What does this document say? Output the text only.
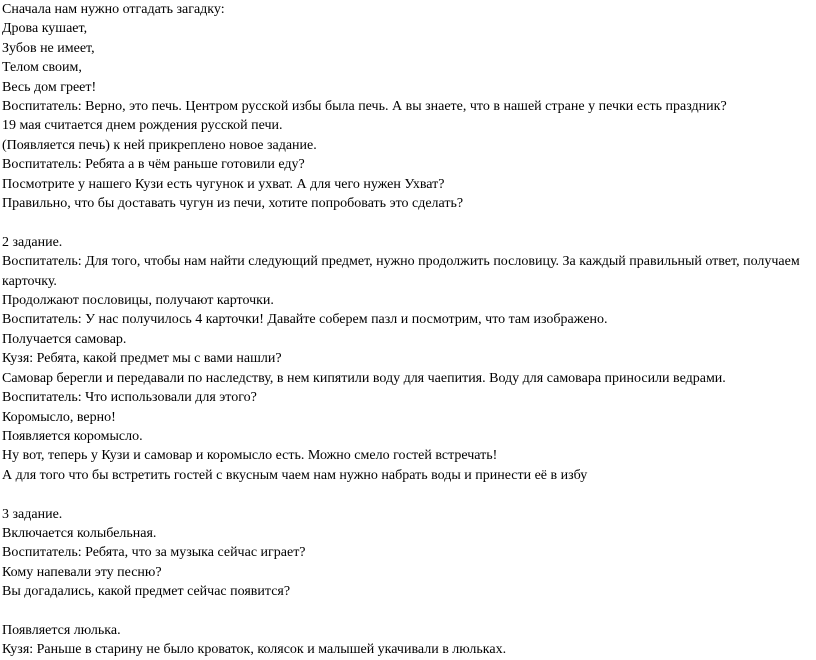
Сначала нам нужно отгадать загадку:
Дрова кушает,
Зубов не имеет,
Телом своим,
Весь дом греет!
Воспитатель: Верно, это печь. Центром русской избы была печь. А вы знаете, что в нашей стране у печки есть праздник?
19 мая считается днем рождения русской печи.
(Появляется печь) к ней прикреплено новое задание.
Воспитатель: Ребята а в чём раньше готовили еду?
Посмотрите у нашего Кузи есть чугунок и ухват. А для чего нужен Ухват?
Правильно, что бы доставать чугун из печи, хотите попробовать это сделать?
2 задание.
Воспитатель: Для того, чтобы нам найти следующий предмет, нужно продолжить пословицу. За каждый правильный ответ, получаем карточку.
Продолжают пословицы, получают карточки.
Воспитатель: У нас получилось 4 карточки! Давайте соберем пазл и посмотрим, что там изображено.
Получается самовар.
Кузя: Ребята, какой предмет мы с вами нашли?
Самовар берегли и передавали по наследству, в нем кипятили воду для чаепития. Воду для самовара приносили ведрами.
Воспитатель: Что использовали для этого?
Коромысло, верно!
Появляется коромысло.
Ну вот, теперь у Кузи и самовар и коромысло есть. Можно смело гостей встречать!
А для того что бы встретить гостей с вкусным чаем нам нужно набрать воды и принести её в избу
3 задание.
Включается колыбельная.
Воспитатель: Ребята, что за музыка сейчас играет?
Кому напевали эту песню?
Вы догадались, какой предмет сейчас появится?
Появляется люлька.
Кузя: Раньше в старину не было кроваток, колясок и малышей укачивали в люльках.
